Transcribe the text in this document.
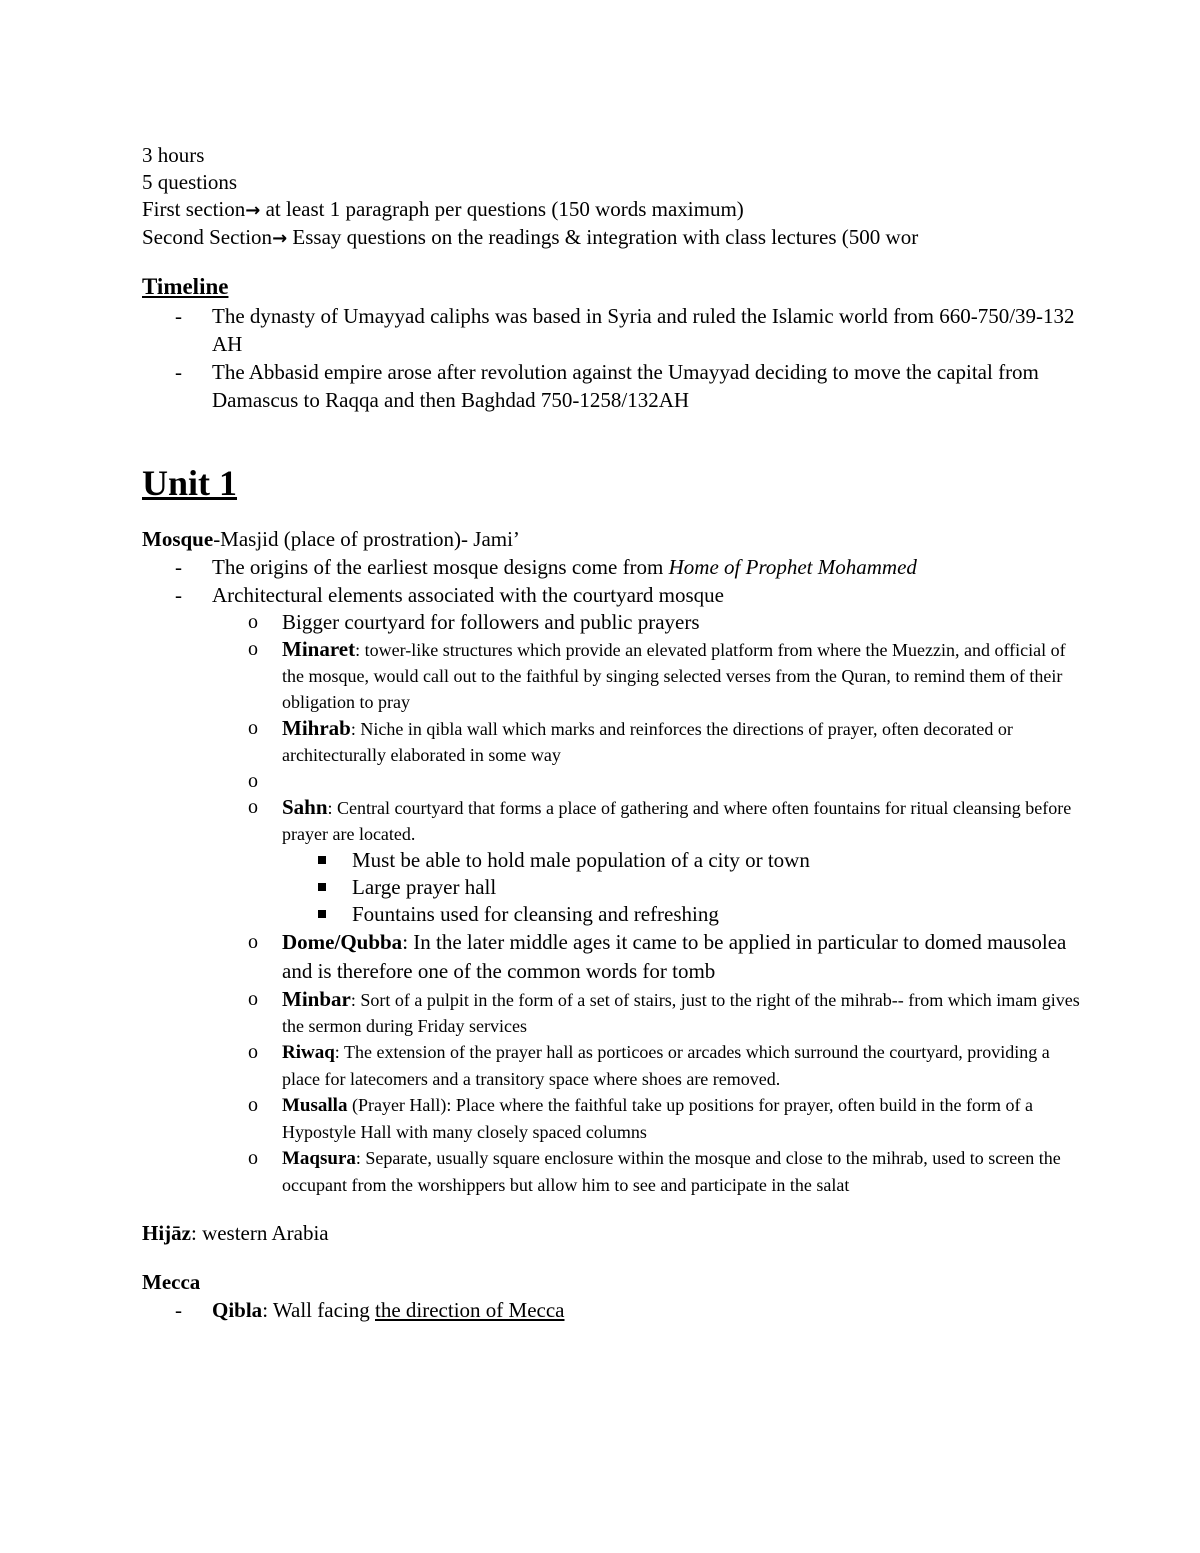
3 hours
5 questions
First section→ at least 1 paragraph per questions (150 words maximum)
Second Section→ Essay questions on the readings & integration with class lectures (500 wor
Timeline
- The dynasty of Umayyad caliphs was based in Syria and ruled the Islamic world from 660-750/39-132 AH
- The Abbasid empire arose after revolution against the Umayyad deciding to move the capital from Damascus to Raqqa and then Baghdad 750-1258/132AH
Unit 1
Mosque-Masjid (place of prostration)- Jami’
- The origins of the earliest mosque designs come from Home of Prophet Mohammed
- Architectural elements associated with the courtyard mosque
o Bigger courtyard for followers and public prayers
o Minaret: tower-like structures which provide an elevated platform from where the Muezzin, and official of the mosque, would call out to the faithful by singing selected verses from the Quran, to remind them of their obligation to pray
o Mihrab: Niche in qibla wall which marks and reinforces the directions of prayer, often decorated or architecturally elaborated in some way
o

o Sahn: Central courtyard that forms a place of gathering and where often fountains for ritual cleansing before prayer are located.
Must be able to hold male population of a city or town
Large prayer hall
Fountains used for cleansing and refreshing
o Dome/Qubba: In the later middle ages it came to be applied in particular to domed mausolea and is therefore one of the common words for tomb
o Minbar: Sort of a pulpit in the form of a set of stairs, just to the right of the mihrab-- from which imam gives the sermon during Friday services
o Riwaq: The extension of the prayer hall as porticoes or arcades which surround the courtyard, providing a place for latecomers and a transitory space where shoes are removed.
o Musalla (Prayer Hall): Place where the faithful take up positions for prayer, often build in the form of a Hypostyle Hall with many closely spaced columns
o Maqsura: Separate, usually square enclosure within the mosque and close to the mihrab, used to screen the occupant from the worshippers but allow him to see and participate in the salat
Hijāz: western Arabia
Mecca
- Qibla: Wall facing the direction of Mecca
